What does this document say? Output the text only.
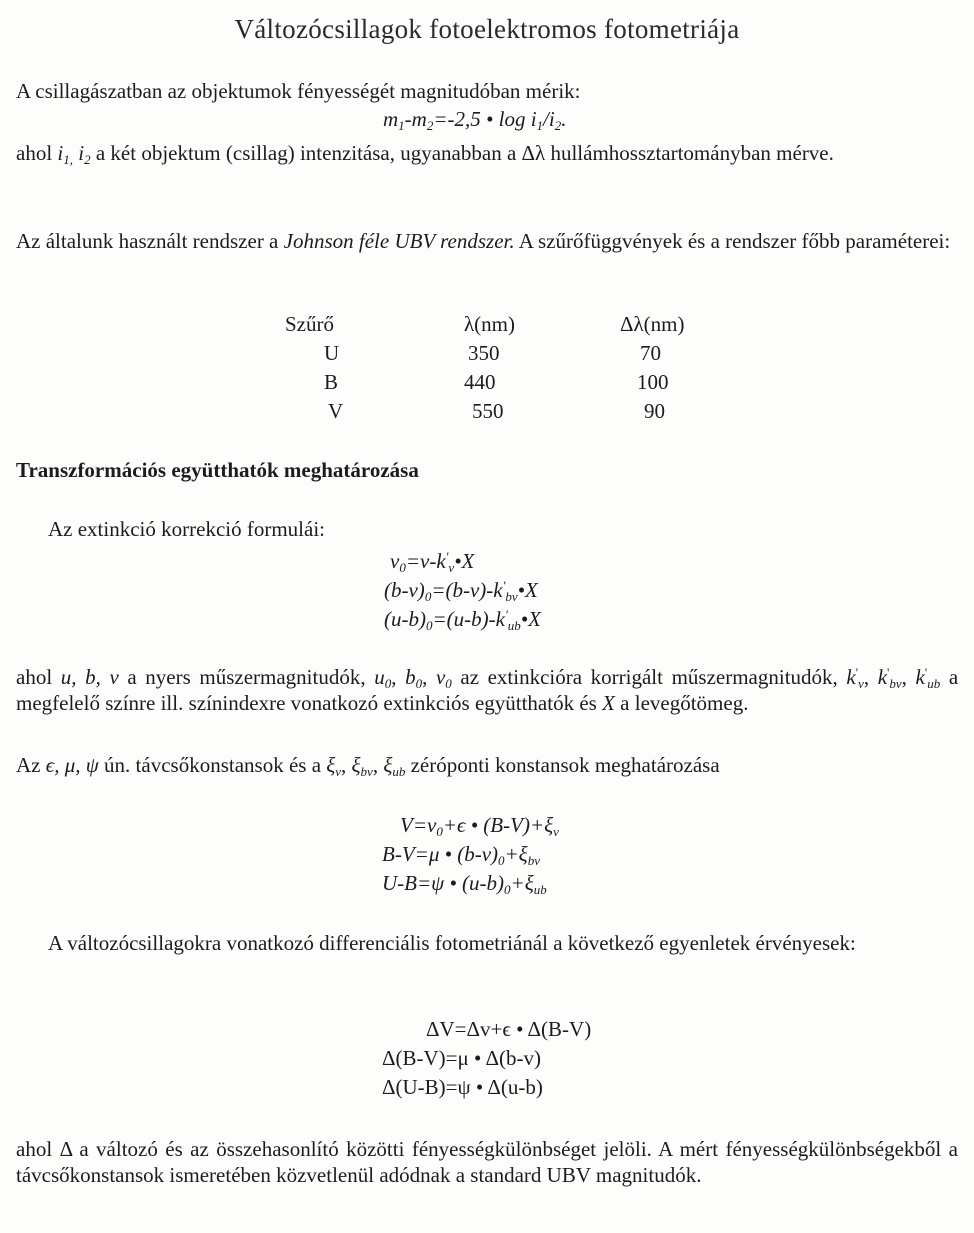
Változócsillagok fotoelektromos fotometriája
A csillagászatban az objektumok fényességét magnitudóban mérik:
$m_1-m_2=-2,5$ • $\log i_1/i_2$.
ahol $i_{1,}$ $i_2$ a két objektum (csillag) intenzitása, ugyanabban a Δλ hullámhossztartományban mérve.
Az általunk használt rendszer a Johnson féle UBV rendszer. A szűrőfüggvények és a rendszer főbb paraméterei:
Szűrő	λ(nm)	Δλ(nm)
U	350	70
B	440	100
V	550	90
Transzformációs együtthatók meghatározása
Az extinkció korrekció formulái:
$v_0=v-k'_v•X$
$(b-v)_0=(b-v)-k'_{bv}•X$
$(u-b)_0=(u-b)-k'_{ub}•X$
ahol u, b, v a nyers műszermagnitudók, $u_0$, $b_0$, $v_0$ az extinkcióra korrigált műszermagnitudók, $k'_v$, $k'_{bv}$, $k'_{ub}$ a megfelelő színre ill. színindexre vonatkozó extinkciós együtthatók és X a levegőtömeg.
Az ϵ, μ, ψ ún. távcsőkonstansok és a $\xi_v$, $\xi_{bv}$, $\xi_{ub}$ zéróponti konstansok meghatározása
$V=v_0+\epsilon$ • $(B-V)+\xi_v$
B-V=μ • $(b-v)_0+\xi_{bv}$
U-B=ψ • $(u-b)_0+\xi_{ub}$
A változócsillagokra vonatkozó differenciális fotometriánál a következő egyenletek érvényesek:
ΔV=Δv+ϵ • Δ(B-V)
Δ(B-V)=μ • Δ(b-v)
Δ(U-B)=ψ • Δ(u-b)
ahol Δ a változó és az összehasonlító közötti fényességkülönbséget jelöli. A mért fényességkülönbségekből a távcsőkonstansok ismeretében közvetlenül adódnak a standard UBV magnitudók.
